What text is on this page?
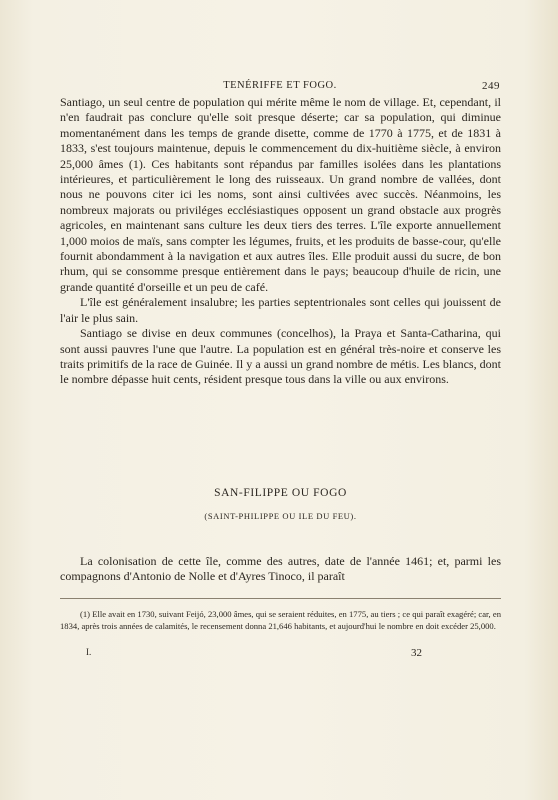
TENÉRIFFE ET FOGO.	249

Santiago, un seul centre de population qui mérite même le nom de village. Et, cependant, il n'en faudrait pas conclure qu'elle soit presque déserte; car sa population, qui diminue momentanément dans les temps de grande disette, comme de 1770 à 1775, et de 1831 à 1833, s'est toujours maintenue, depuis le commencement du dix-huitième siècle, à environ 25,000 âmes (1). Ces habitants sont répandus par familles isolées dans les plantations intérieures, et particulièrement le long des ruisseaux. Un grand nombre de vallées, dont nous ne pouvons citer ici les noms, sont ainsi cultivées avec succès. Néanmoins, les nombreux majorats ou priviléges ecclésiastiques opposent un grand obstacle aux progrès agricoles, en maintenant sans culture les deux tiers des terres. L'île exporte annuellement 1,000 moios de maïs, sans compter les légumes, fruits, et les produits de basse-cour, qu'elle fournit abondamment à la navigation et aux autres îles. Elle produit aussi du sucre, de bon rhum, qui se consomme presque entièrement dans le pays; beaucoup d'huile de ricin, une grande quantité d'orseille et un peu de café.

L'île est généralement insalubre; les parties septentrionales sont celles qui jouissent de l'air le plus sain.

Santiago se divise en deux communes (concelhos), la Praya et Santa-Catharina, qui sont aussi pauvres l'une que l'autre. La population est en général très-noire et conserve les traits primitifs de la race de Guinée. Il y a aussi un grand nombre de métis. Les blancs, dont le nombre dépasse huit cents, résident presque tous dans la ville ou aux environs.

SAN-FILIPPE OU FOGO
(SAINT-PHILIPPE OU ILE DU FEU).

La colonisation de cette île, comme des autres, date de l'année 1461; et, parmi les compagnons d'Antonio de Nolle et d'Ayres Tinoco, il paraît

(1) Elle avait en 1730, suivant Feijó, 23,000 âmes, qui se seraient réduites, en 1775, au tiers ; ce qui paraît exagéré; car, en 1834, après trois années de calamités, le recensement donna 21,646 habitants, et aujourd'hui le nombre en doit excéder 25,000.

I.	32
